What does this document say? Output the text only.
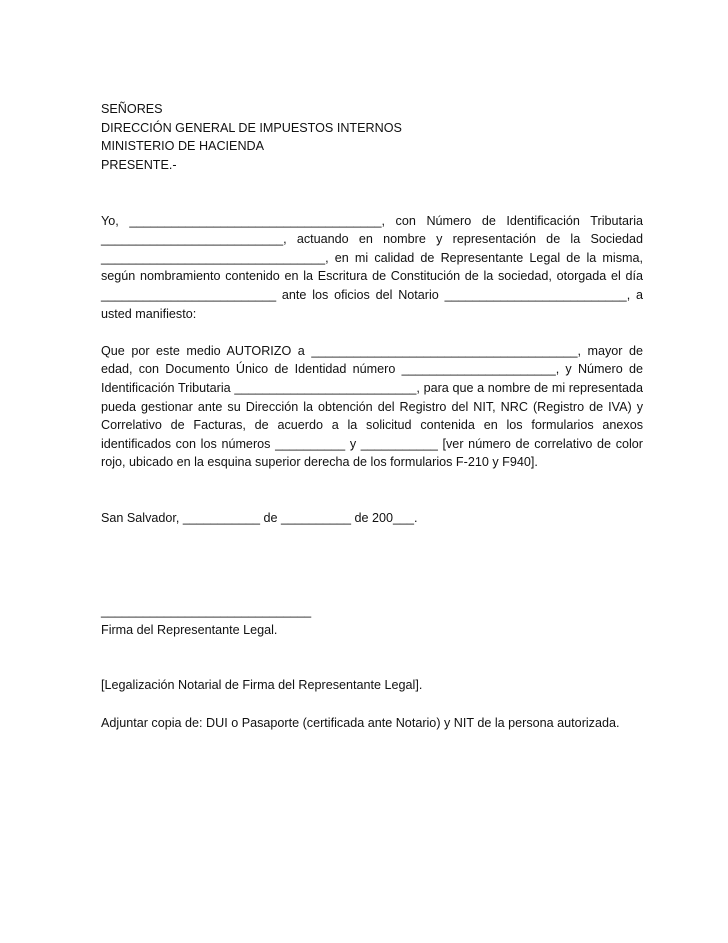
SEÑORES

DIRECCIÓN GENERAL DE IMPUESTOS INTERNOS

MINISTERIO DE HACIENDA

PRESENTE.-

Yo, ____________________________________, con Número de Identificación Tributaria __________________________, actuando en nombre y representación de la Sociedad ________________________________, en mi calidad de Representante Legal de la misma, según nombramiento contenido en la Escritura de Constitución de la sociedad, otorgada el día _________________________ ante los oficios del Notario __________________________, a usted manifiesto:

Que por este medio AUTORIZO a ______________________________________, mayor de edad, con Documento Único de Identidad número ______________________, y Número de Identificación Tributaria __________________________, para que a nombre de mi representada pueda gestionar ante su Dirección la obtención del Registro del NIT, NRC (Registro de IVA) y Correlativo de Facturas, de acuerdo a la solicitud contenida en los formularios anexos identificados con los números __________ y ___________ [ver número de correlativo de color rojo, ubicado en la esquina superior derecha de los formularios F-210 y F940].

San Salvador, ___________ de __________ de 200___.

______________________________

Firma del Representante Legal.

[Legalización Notarial de Firma del Representante Legal].

Adjuntar copia de: DUI o Pasaporte (certificada ante Notario) y NIT de la persona autorizada.
